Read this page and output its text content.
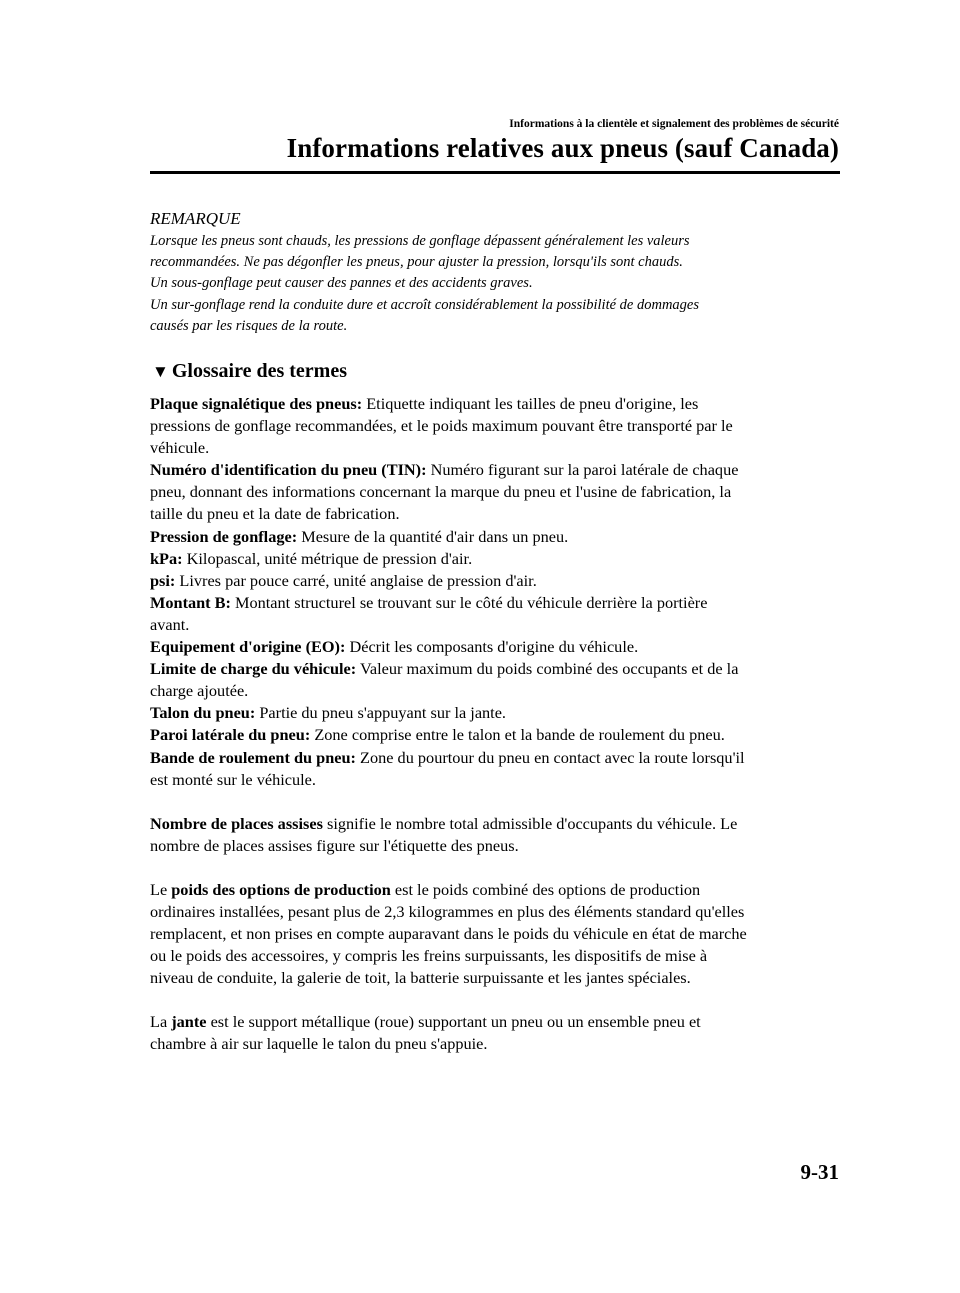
Informations à la clientèle et signalement des problèmes de sécurité
Informations relatives aux pneus (sauf Canada)
REMARQUE
Lorsque les pneus sont chauds, les pressions de gonflage dépassent généralement les valeurs
recommandées. Ne pas dégonfler les pneus, pour ajuster la pression, lorsqu'ils sont chauds.
Un sous-gonflage peut causer des pannes et des accidents graves.
Un sur-gonflage rend la conduite dure et accroît considérablement la possibilité de dommages
causés par les risques de la route.
▼ Glossaire des termes
Plaque signalétique des pneus: Etiquette indiquant les tailles de pneu d'origine, les
pressions de gonflage recommandées, et le poids maximum pouvant être transporté par le
véhicule.
Numéro d'identification du pneu (TIN): Numéro figurant sur la paroi latérale de chaque
pneu, donnant des informations concernant la marque du pneu et l'usine de fabrication, la
taille du pneu et la date de fabrication.
Pression de gonflage: Mesure de la quantité d'air dans un pneu.
kPa: Kilopascal, unité métrique de pression d'air.
psi: Livres par pouce carré, unité anglaise de pression d'air.
Montant B: Montant structurel se trouvant sur le côté du véhicule derrière la portière
avant.
Equipement d'origine (EO): Décrit les composants d'origine du véhicule.
Limite de charge du véhicule: Valeur maximum du poids combiné des occupants et de la
charge ajoutée.
Talon du pneu: Partie du pneu s'appuyant sur la jante.
Paroi latérale du pneu: Zone comprise entre le talon et la bande de roulement du pneu.
Bande de roulement du pneu: Zone du pourtour du pneu en contact avec la route lorsqu'il
est monté sur le véhicule.
Nombre de places assises signifie le nombre total admissible d'occupants du véhicule. Le
nombre de places assises figure sur l'étiquette des pneus.
Le poids des options de production est le poids combiné des options de production
ordinaires installées, pesant plus de 2,3 kilogrammes en plus des éléments standard qu'elles
remplacent, et non prises en compte auparavant dans le poids du véhicule en état de marche
ou le poids des accessoires, y compris les freins surpuissants, les dispositifs de mise à
niveau de conduite, la galerie de toit, la batterie surpuissante et les jantes spéciales.
La jante est le support métallique (roue) supportant un pneu ou un ensemble pneu et
chambre à air sur laquelle le talon du pneu s'appuie.
9-31
